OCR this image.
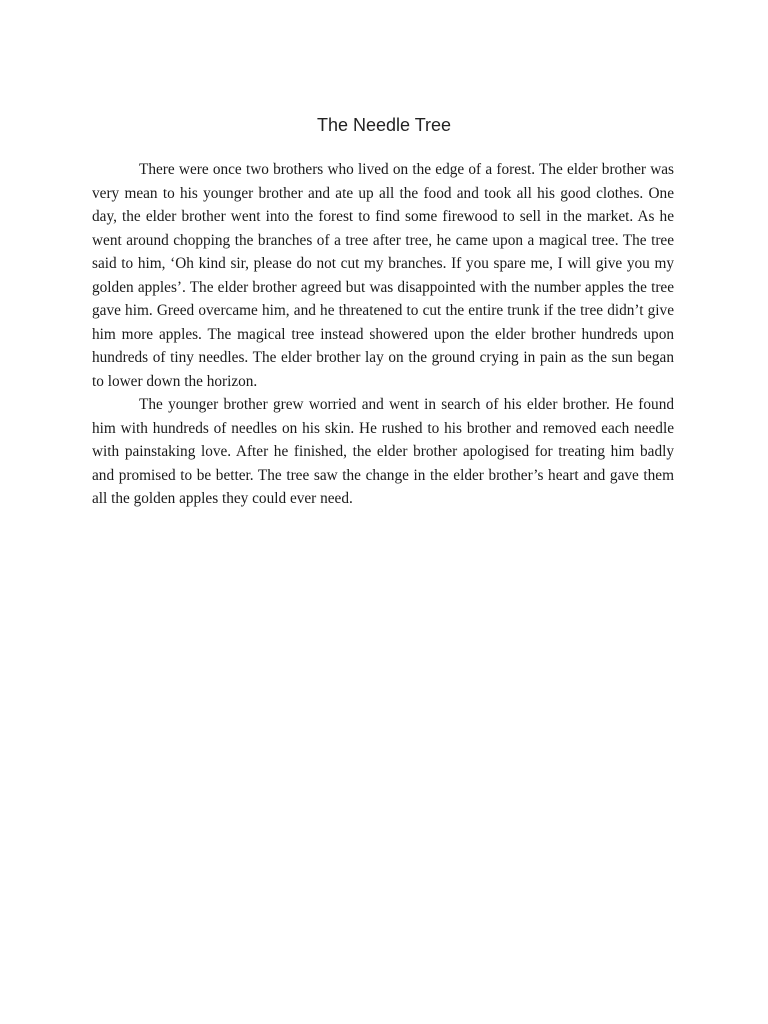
The Needle Tree

There were once two brothers who lived on the edge of a forest. The elder brother was very mean to his younger brother and ate up all the food and took all his good clothes. One day, the elder brother went into the forest to find some firewood to sell in the market. As he went around chopping the branches of a tree after tree, he came upon a magical tree. The tree said to him, ‘Oh kind sir, please do not cut my branches. If you spare me, I will give you my golden apples’. The elder brother agreed but was disappointed with the number apples the tree gave him. Greed overcame him, and he threatened to cut the entire trunk if the tree didn’t give him more apples. The magical tree instead showered upon the elder brother hundreds upon hundreds of tiny needles. The elder brother lay on the ground crying in pain as the sun began to lower down the horizon.

The younger brother grew worried and went in search of his elder brother. He found him with hundreds of needles on his skin. He rushed to his brother and removed each needle with painstaking love. After he finished, the elder brother apologised for treating him badly and promised to be better. The tree saw the change in the elder brother’s heart and gave them all the golden apples they could ever need.
